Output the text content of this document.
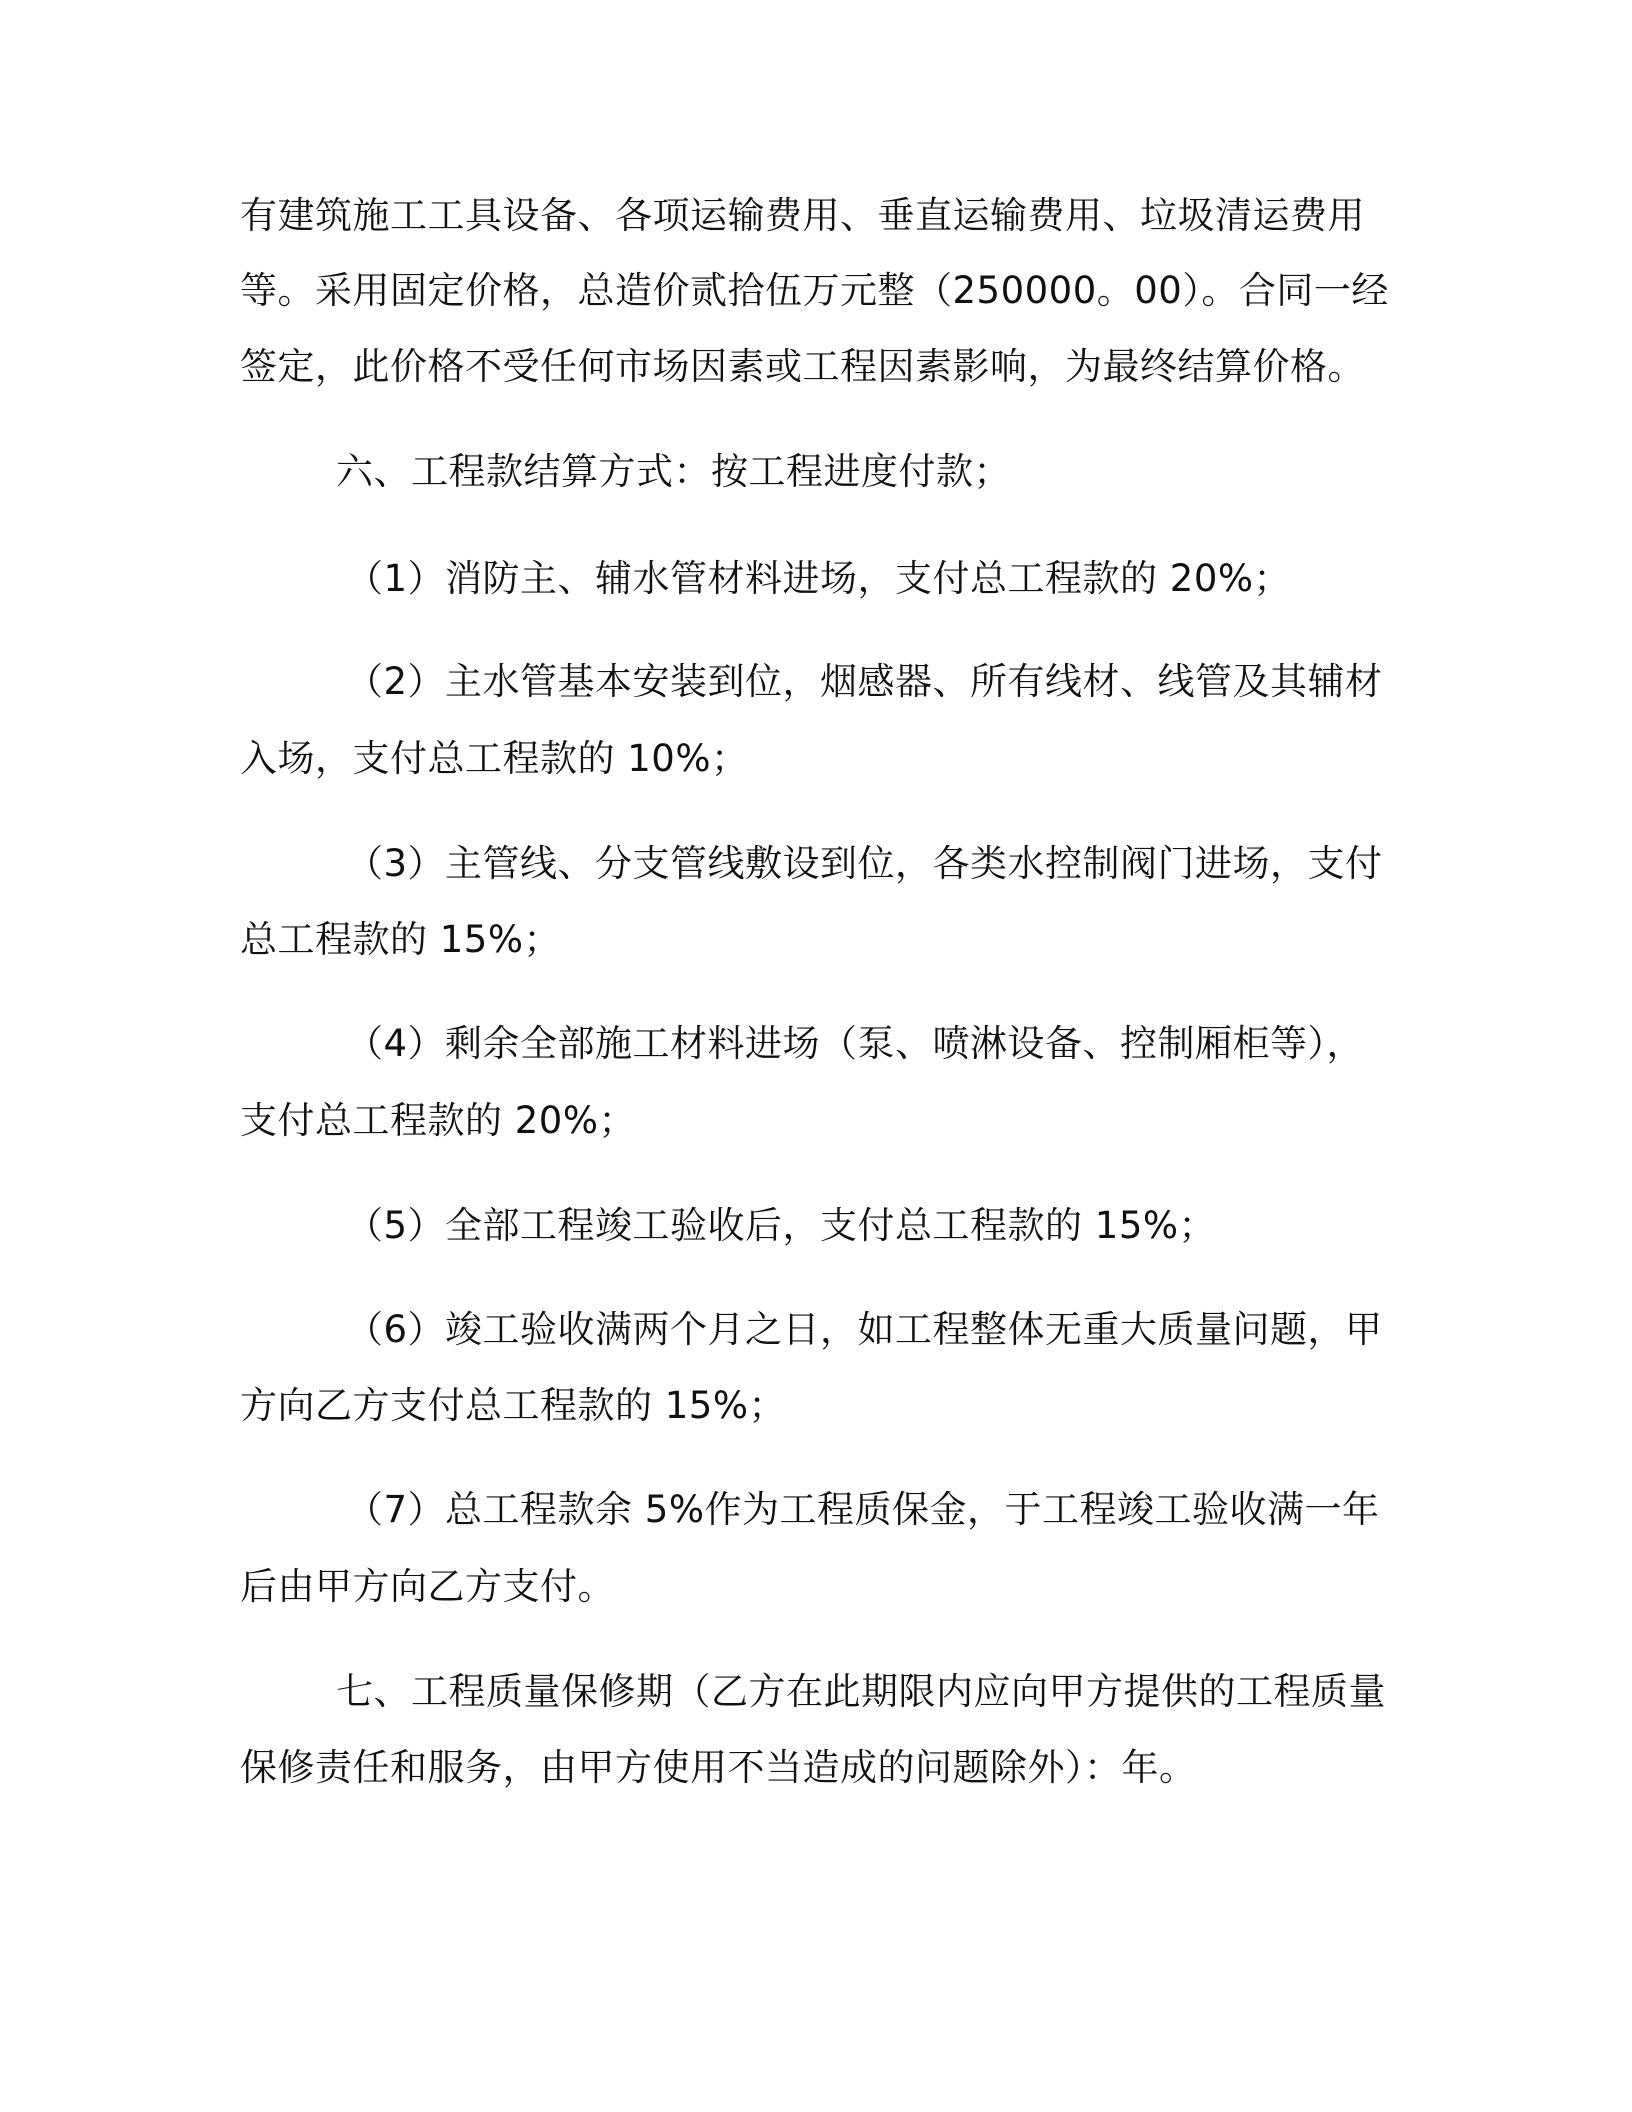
有建筑施工工具设备、各项运输费用、垂直运输费用、垃圾清运费用
等。采用固定价格，总造价贰拾伍万元整（250000。00）。合同一经
签定，此价格不受任何市场因素或工程因素影响，为最终结算价格。
六、工程款结算方式：按工程进度付款；
（1）消防主、辅水管材料进场，支付总工程款的 20%；
（2）主水管基本安装到位，烟感器、所有线材、线管及其辅材
入场，支付总工程款的 10%；
（3）主管线、分支管线敷设到位，各类水控制阀门进场，支付
总工程款的 15%；
（4）剩余全部施工材料进场（泵、喷淋设备、控制厢柜等），
支付总工程款的 20%；
（5）全部工程竣工验收后，支付总工程款的 15%；
（6）竣工验收满两个月之日，如工程整体无重大质量问题，甲
方向乙方支付总工程款的 15%；
（7）总工程款余 5%作为工程质保金，于工程竣工验收满一年
后由甲方向乙方支付。
七、工程质量保修期（乙方在此期限内应向甲方提供的工程质量
保修责任和服务，由甲方使用不当造成的问题除外）：年。
